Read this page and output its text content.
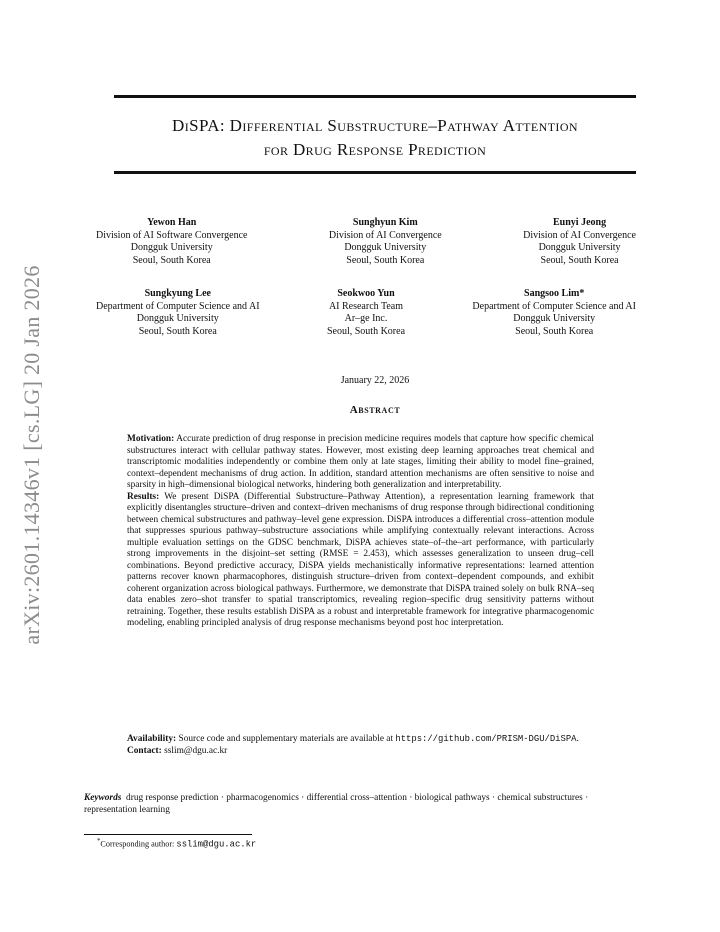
arXiv:2601.14346v1 [cs.LG] 20 Jan 2026
DiSPA: Differential Substructure–Pathway Attention
for Drug Response Prediction
Yewon Han
Division of AI Software Convergence
Dongguk University
Seoul, South Korea
Sunghyun Kim
Division of AI Convergence
Dongguk University
Seoul, South Korea
Eunyi Jeong
Division of AI Convergence
Dongguk University
Seoul, South Korea
Sungkyung Lee
Department of Computer Science and AI
Dongguk University
Seoul, South Korea
Seokwoo Yun
AI Research Team
Ar–ge Inc.
Seoul, South Korea
Sangsoo Lim*
Department of Computer Science and AI
Dongguk University
Seoul, South Korea
January 22, 2026
Abstract

Motivation: Accurate prediction of drug response in precision medicine requires models that capture how specific chemical substructures interact with cellular pathway states. However, most existing deep learning approaches treat chemical and transcriptomic modalities independently or combine them only at late stages, limiting their ability to model fine–grained, context–dependent mechanisms of drug action. In addition, standard attention mechanisms are often sensitive to noise and sparsity in high–dimensional biological networks, hindering both generalization and interpretability.

Results: We present DiSPA (Differential Substructure–Pathway Attention), a representation learning framework that explicitly disentangles structure–driven and context–driven mechanisms of drug response through bidirectional conditioning between chemical substructures and pathway–level gene expression. DiSPA introduces a differential cross–attention module that suppresses spurious pathway–substructure associations while amplifying contextually relevant interactions. Across multiple evaluation settings on the GDSC benchmark, DiSPA achieves state–of–the–art performance, with particularly strong improvements in the disjoint–set setting (RMSE = 2.453), which assesses generalization to unseen drug–cell combinations. Beyond predictive accuracy, DiSPA yields mechanistically informative representations: learned attention patterns recover known pharmacophores, distinguish structure–driven from context–dependent compounds, and exhibit coherent organization across biological pathways. Furthermore, we demonstrate that DiSPA trained solely on bulk RNA–seq data enables zero–shot transfer to spatial transcriptomics, revealing region–specific drug sensitivity patterns without retraining. Together, these results establish DiSPA as a robust and interpretable framework for integrative pharmacogenomic modeling, enabling principled analysis of drug response mechanisms beyond post hoc interpretation.

Availability: Source code and supplementary materials are available at https://github.com/PRISM-DGU/DiSPA.

Contact: sslim@dgu.ac.kr

Keywords drug response prediction · pharmacogenomics · differential cross–attention · biological pathways · chemical substructures · representation learning
*Corresponding author: sslim@dgu.ac.kr
